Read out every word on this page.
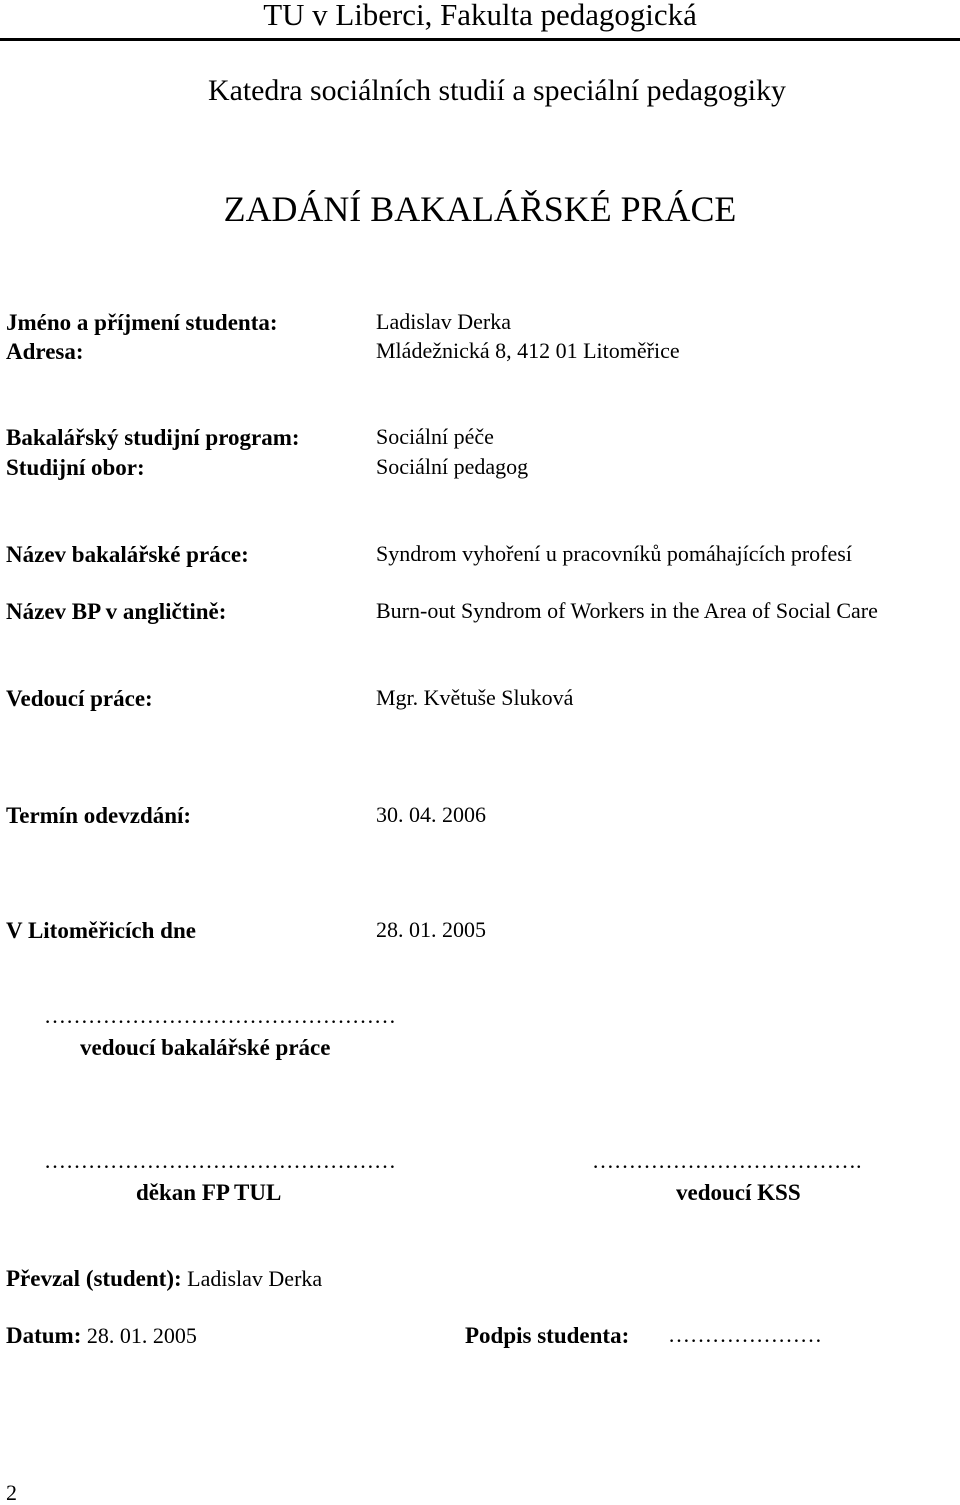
TU v Liberci, Fakulta pedagogická
Katedra sociálních studií a speciální pedagogiky
ZADÁNÍ BAKALÁŘSKÉ PRÁCE
Jméno a příjmení studenta:	Ladislav Derka
Adresa:	Mládežnická 8, 412 01 Litoměřice
Bakalářský studijní program:	Sociální péče
Studijní obor:	Sociální pedagog
Název bakalářské práce:	Syndrom vyhoření u pracovníků pomáhajících profesí
Název BP v angličtině:	Burn-out Syndrom of Workers in the Area of Social Care
Vedoucí práce:	Mgr. Květuše Sluková
Termín odevzdání:	30. 04. 2006
V Litoměřicích dne	28. 01. 2005
…………………………………………
vedoucí bakalářské práce
…………………………………………
děkan FP TUL
……………………………….
vedoucí KSS
Převzal (student): Ladislav Derka
Datum: 28. 01. 2005	Podpis studenta: …………………
2
